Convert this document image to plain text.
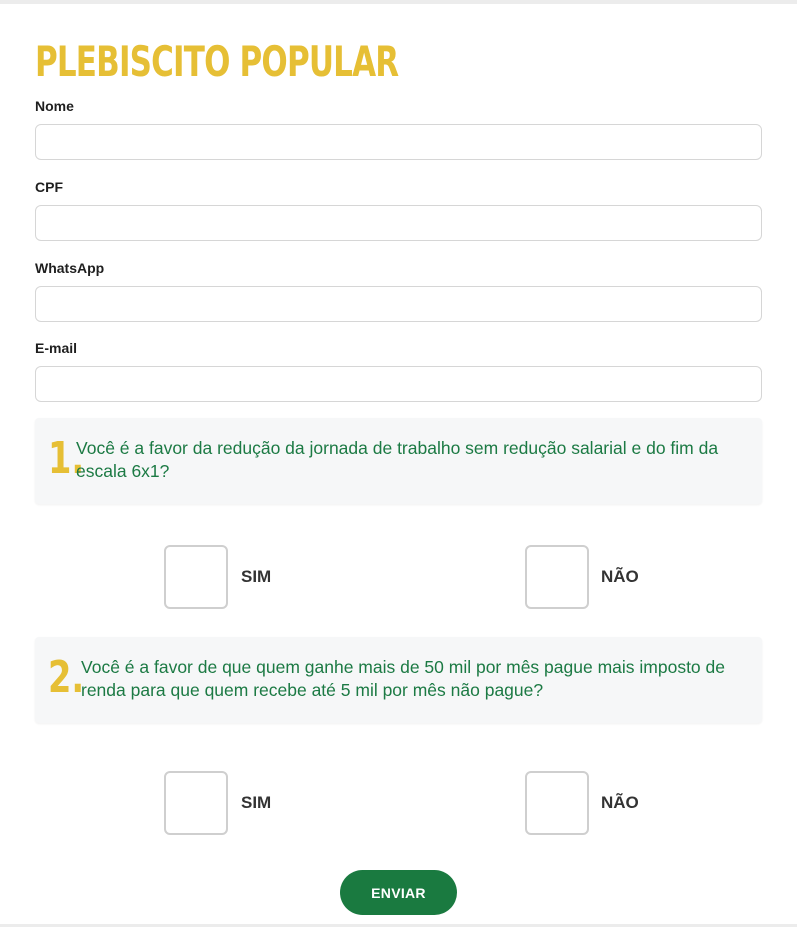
PLEBISCITO POPULAR
Nome
CPF
WhatsApp
E-mail
1.
Você é a favor da redução da jornada de trabalho sem redução salarial e do fim da escala 6x1?
SIM	NÃO
2.
Você é a favor de que quem ganhe mais de 50 mil por mês pague mais imposto de renda para que quem recebe até 5 mil por mês não pague?
SIM	NÃO
ENVIAR
